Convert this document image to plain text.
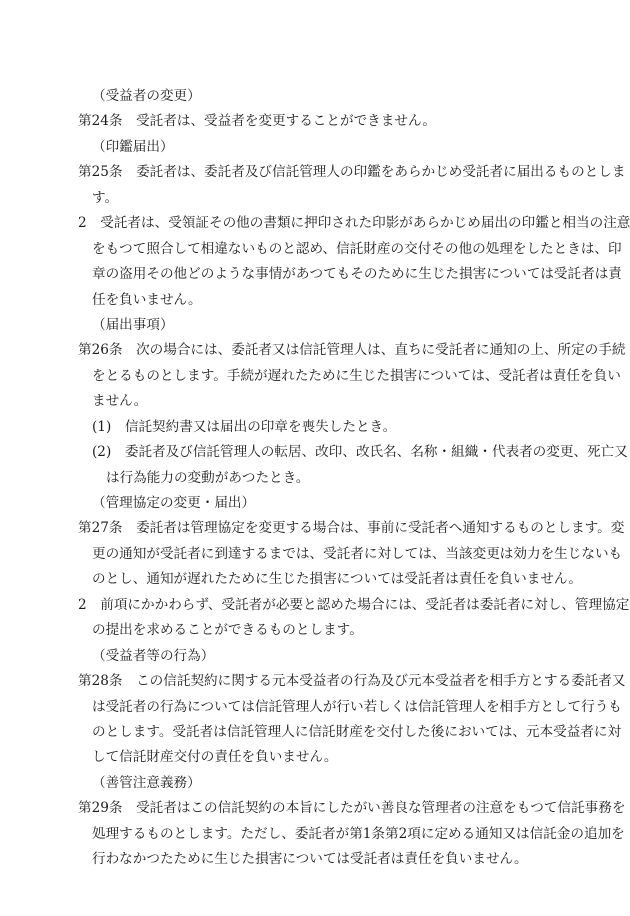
（受益者の変更）
第24条　受託者は、受益者を変更することができません。
（印鑑届出）
第25条　委託者は、委託者及び信託管理人の印鑑をあらかじめ受託者に届出るものとしま
す。
2　受託者は、受領証その他の書類に押印された印影があらかじめ届出の印鑑と相当の注意
をもつて照合して相違ないものと認め、信託財産の交付その他の処理をしたときは、印
章の盗用その他どのような事情があつてもそのために生じた損害については受託者は責
任を負いません。
（届出事項）
第26条　次の場合には、委託者又は信託管理人は、直ちに受託者に通知の上、所定の手続
をとるものとします。手続が遅れたために生じた損害については、受託者は責任を負い
ません。
(1)　信託契約書又は届出の印章を喪失したとき。
(2)　委託者及び信託管理人の転居、改印、改氏名、名称・組織・代表者の変更、死亡又
は行為能力の変動があつたとき。
（管理協定の変更・届出）
第27条　委託者は管理協定を変更する場合は、事前に受託者へ通知するものとします。変
更の通知が受託者に到達するまでは、受託者に対しては、当該変更は効力を生じないも
のとし、通知が遅れたために生じた損害については受託者は責任を負いません。
2　前項にかかわらず、受託者が必要と認めた場合には、受託者は委託者に対し、管理協定
の提出を求めることができるものとします。
（受益者等の行為）
第28条　この信託契約に関する元本受益者の行為及び元本受益者を相手方とする委託者又
は受託者の行為については信託管理人が行い若しくは信託管理人を相手方として行うも
のとします。受託者は信託管理人に信託財産を交付した後においては、元本受益者に対
して信託財産交付の責任を負いません。
（善管注意義務）
第29条　受託者はこの信託契約の本旨にしたがい善良な管理者の注意をもつて信託事務を
処理するものとします。ただし、委託者が第1条第2項に定める通知又は信託金の追加を
行わなかつたために生じた損害については受託者は責任を負いません。
